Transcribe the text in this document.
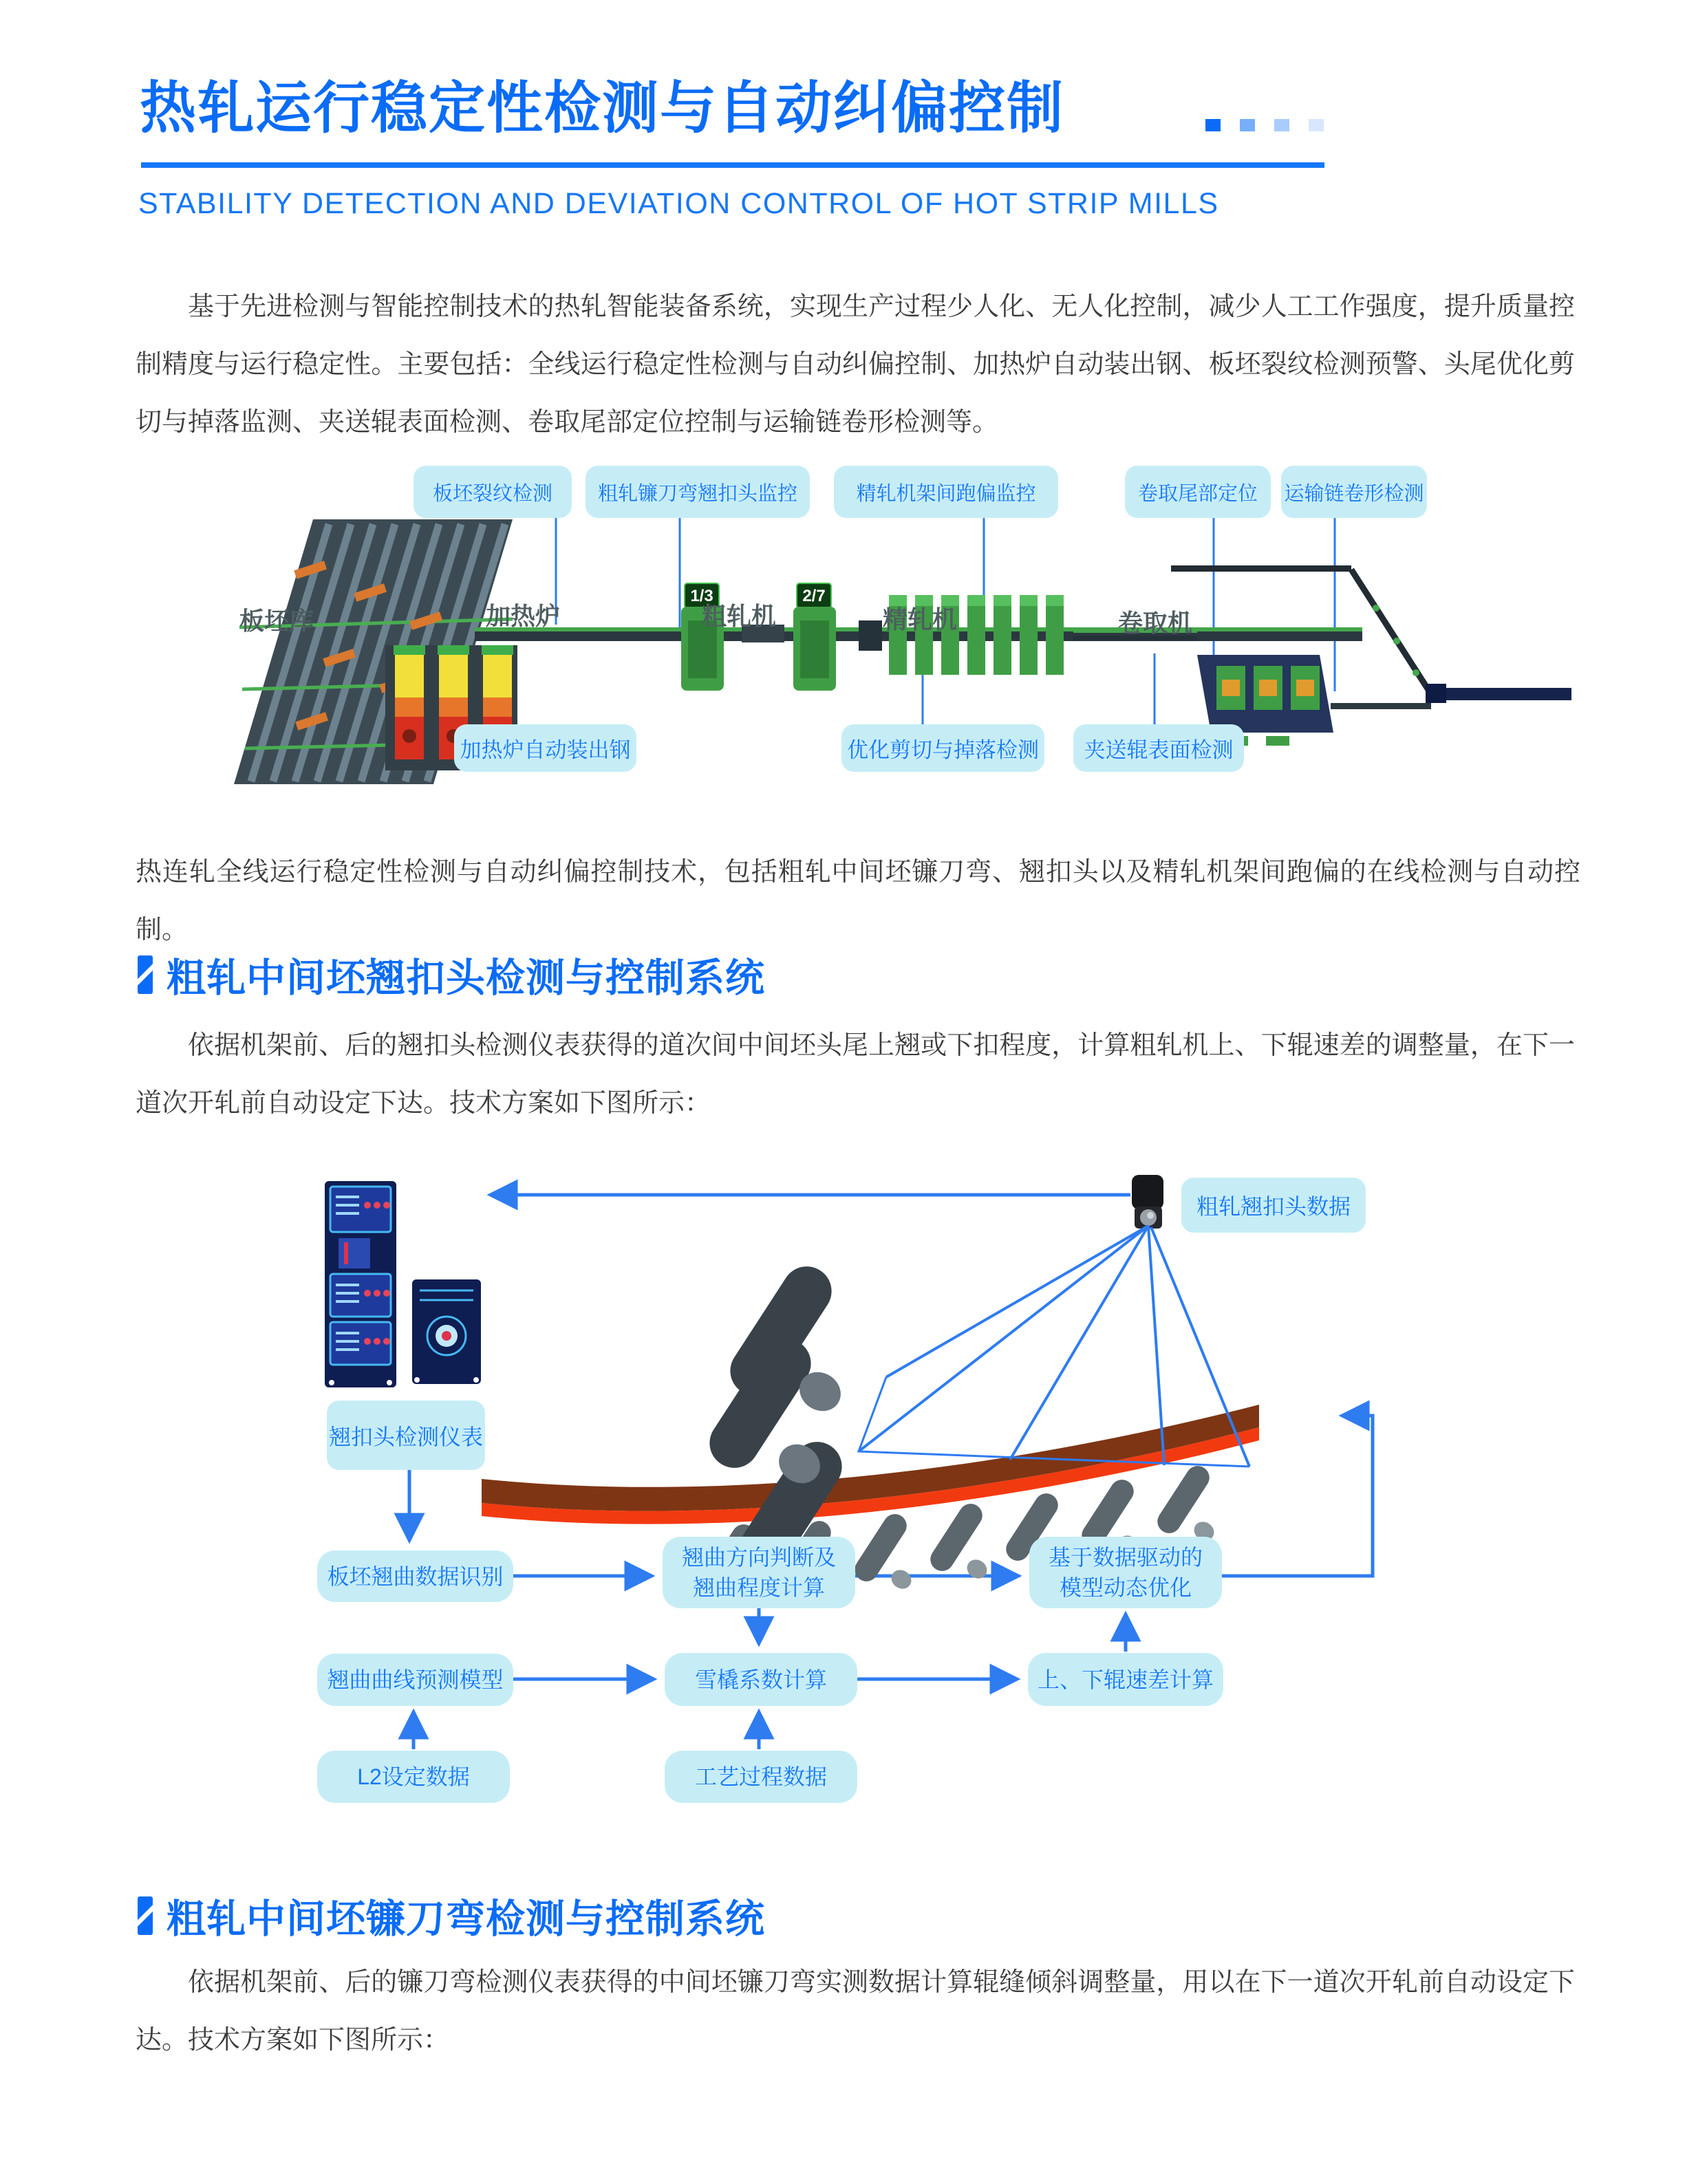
热轧运行稳定性检测与自动纠偏控制
STABILITY DETECTION AND DEVIATION CONTROL OF HOT STRIP MILLS
基于先进检测与智能控制技术的热轧智能装备系统，实现生产过程少人化、无人化控制，减少人工工作强度，提升质量控制精度与运行稳定性。主要包括：全线运行稳定性检测与自动纠偏控制、加热炉自动装出钢、板坯裂纹检测预警、头尾优化剪切与掉落监测、夹送辊表面检测、卷取尾部定位控制与运输链卷形检测等。
1/3	2/7
板坯裂纹检测	粗轧镰刀弯翘扣头监控	精轧机架间跑偏监控	卷取尾部定位	运输链卷形检测
板坯库	加热炉	粗轧机	精轧机	卷取机
加热炉自动装出钢	优化剪切与掉落检测	夹送辊表面检测
热连轧全线运行稳定性检测与自动纠偏控制技术，包括粗轧中间坯镰刀弯、翘扣头以及精轧机架间跑偏的在线检测与自动控制。
粗轧中间坯翘扣头检测与控制系统
依据机架前、后的翘扣头检测仪表获得的道次间中间坯头尾上翘或下扣程度，计算粗轧机上、下辊速差的调整量，在下一道次开轧前自动设定下达。技术方案如下图所示：
翘扣头检测仪表
粗轧翘扣头数据
板坯翘曲数据识别
翘曲方向判断及
翘曲程度计算
基于数据驱动的
模型动态优化
翘曲曲线预测模型	雪橇系数计算	上、下辊速差计算
L2设定数据	工艺过程数据
粗轧中间坯镰刀弯检测与控制系统
依据机架前、后的镰刀弯检测仪表获得的中间坯镰刀弯实测数据计算辊缝倾斜调整量，用以在下一道次开轧前自动设定下达。技术方案如下图所示：
